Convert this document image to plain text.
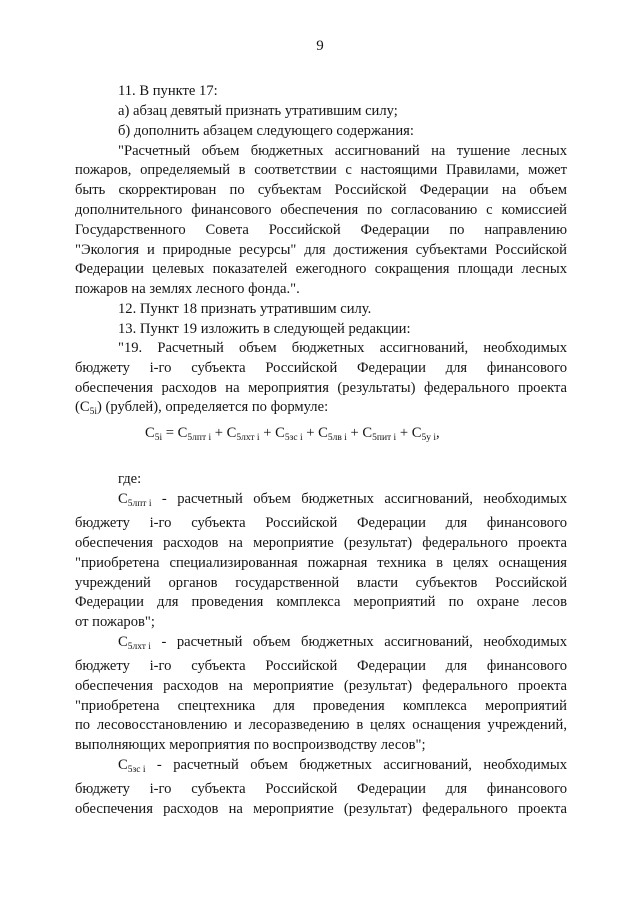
9
11. В пункте 17:
а) абзац девятый признать утратившим силу;
б) дополнить абзацем следующего содержания:
"Расчетный объем бюджетных ассигнований на тушение лесных
пожаров, определяемый в соответствии с настоящими Правилами, может
быть скорректирован по субъектам Российской Федерации на объем
дополнительного финансового обеспечения по согласованию с комиссией
Государственного Совета Российской Федерации по направлению
"Экология и природные ресурсы" для достижения субъектами Российской
Федерации целевых показателей ежегодного сокращения площади лесных
пожаров на землях лесного фонда.".
12. Пункт 18 признать утратившим силу.
13. Пункт 19 изложить в следующей редакции:
"19. Расчетный объем бюджетных ассигнований, необходимых
бюджету i-го субъекта Российской Федерации для финансового
обеспечения расходов на мероприятия (результаты) федерального проекта
$(C_{5i})$ (рублей), определяется по формуле:
$C_{5i} = C_{5лпт i} + C_{5лхт i} + C_{5зс i} + C_{5лв i} + C_{5пит i} + C_{5у i}$,
где:
$C_{5лпт i}$ - расчетный объем бюджетных ассигнований, необходимых
бюджету i-го субъекта Российской Федерации для финансового
обеспечения расходов на мероприятие (результат) федерального проекта
"приобретена специализированная пожарная техника в целях оснащения
учреждений органов государственной власти субъектов Российской
Федерации для проведения комплекса мероприятий по охране лесов
от пожаров";
$C_{5лхт i}$ - расчетный объем бюджетных ассигнований, необходимых
бюджету i-го субъекта Российской Федерации для финансового
обеспечения расходов на мероприятие (результат) федерального проекта
"приобретена спецтехника для проведения комплекса мероприятий
по лесовосстановлению и лесоразведению в целях оснащения учреждений,
выполняющих мероприятия по воспроизводству лесов";
$C_{5зс i}$ - расчетный объем бюджетных ассигнований, необходимых
бюджету i-го субъекта Российской Федерации для финансового
обеспечения расходов на мероприятие (результат) федерального проекта
